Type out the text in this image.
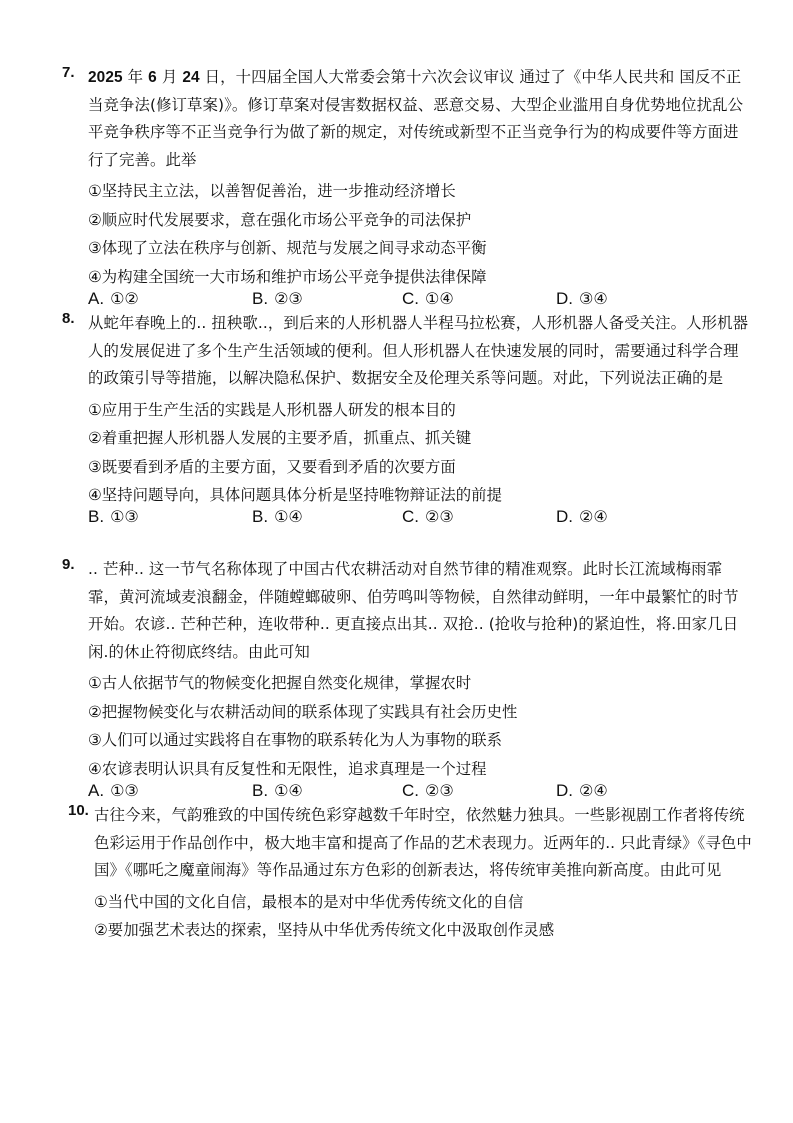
7. 2025 年 6 月 24 日，十四届全国人大常委会第十六次会议审议 通过了《中华人民共和 国反不正当竞争法(修订草案)》。修订草案对侵害数据权益、恶意交易、大型企业滥用自身优势地位扰乱公平竞争秩序等不正当竞争行为做了新的规定，对传统或新型不正当竞争行为的构成要件等方面进行了完善。此举
①坚持民主立法，以善智促善治，进一步推动经济增长
②顺应时代发展要求，意在强化市场公平竞争的司法保护
③体现了立法在秩序与创新、规范与发展之间寻求动态平衡
④为构建全国统一大市场和维护市场公平竞争提供法律保障
A. ①②	B. ②③	C. ①④	D. ③④
8. 从蛇年春晚上的.. 扭秧歌..，到后来的人形机器人半程马拉松赛，人形机器人备受关注。人形机器人的发展促进了多个生产生活领域的便利。但人形机器人在快速发展的同时，需要通过科学合理的政策引导等措施，以解决隐私保护、数据安全及伦理关系等问题。对此，下列说法正确的是
①应用于生产生活的实践是人形机器人研发的根本目的
②着重把握人形机器人发展的主要矛盾，抓重点、抓关键
③既要看到矛盾的主要方面，又要看到矛盾的次要方面
④坚持问题导向，具体问题具体分析是坚持唯物辩证法的前提
B. ①③	B. ①④	C. ②③	D. ②④
9. .. 芒种.. 这一节气名称体现了中国古代农耕活动对自然节律的精准观察。此时长江流域梅雨霏霏，黄河流域麦浪翻金，伴随螳螂破卵、伯劳鸣叫等物候，自然律动鲜明，一年中最繁忙的时节开始。农谚.. 芒种芒种，连收带种.. 更直接点出其.. 双抢.. (抢收与抢种)的紧迫性，将.田家几日闲.的休止符彻底终结。由此可知
①古人依据节气的物候变化把握自然变化规律，掌握农时
②把握物候变化与农耕活动间的联系体现了实践具有社会历史性
③人们可以通过实践将自在事物的联系转化为人为事物的联系
④农谚表明认识具有反复性和无限性，追求真理是一个过程
A. ①③	B. ①④	C. ②③	D. ②④
10. 古往今来，气韵雅致的中国传统色彩穿越数千年时空，依然魅力独具。一些影视剧工作者将传统色彩运用于作品创作中，极大地丰富和提高了作品的艺术表现力。近两年的.. 只此青绿》《寻色中国》《哪吒之魔童闹海》等作品通过东方色彩的创新表达，将传统审美推向新高度。由此可见
①当代中国的文化自信，最根本的是对中华优秀传统文化的自信
②要加强艺术表达的探索，坚持从中华优秀传统文化中汲取创作灵感
